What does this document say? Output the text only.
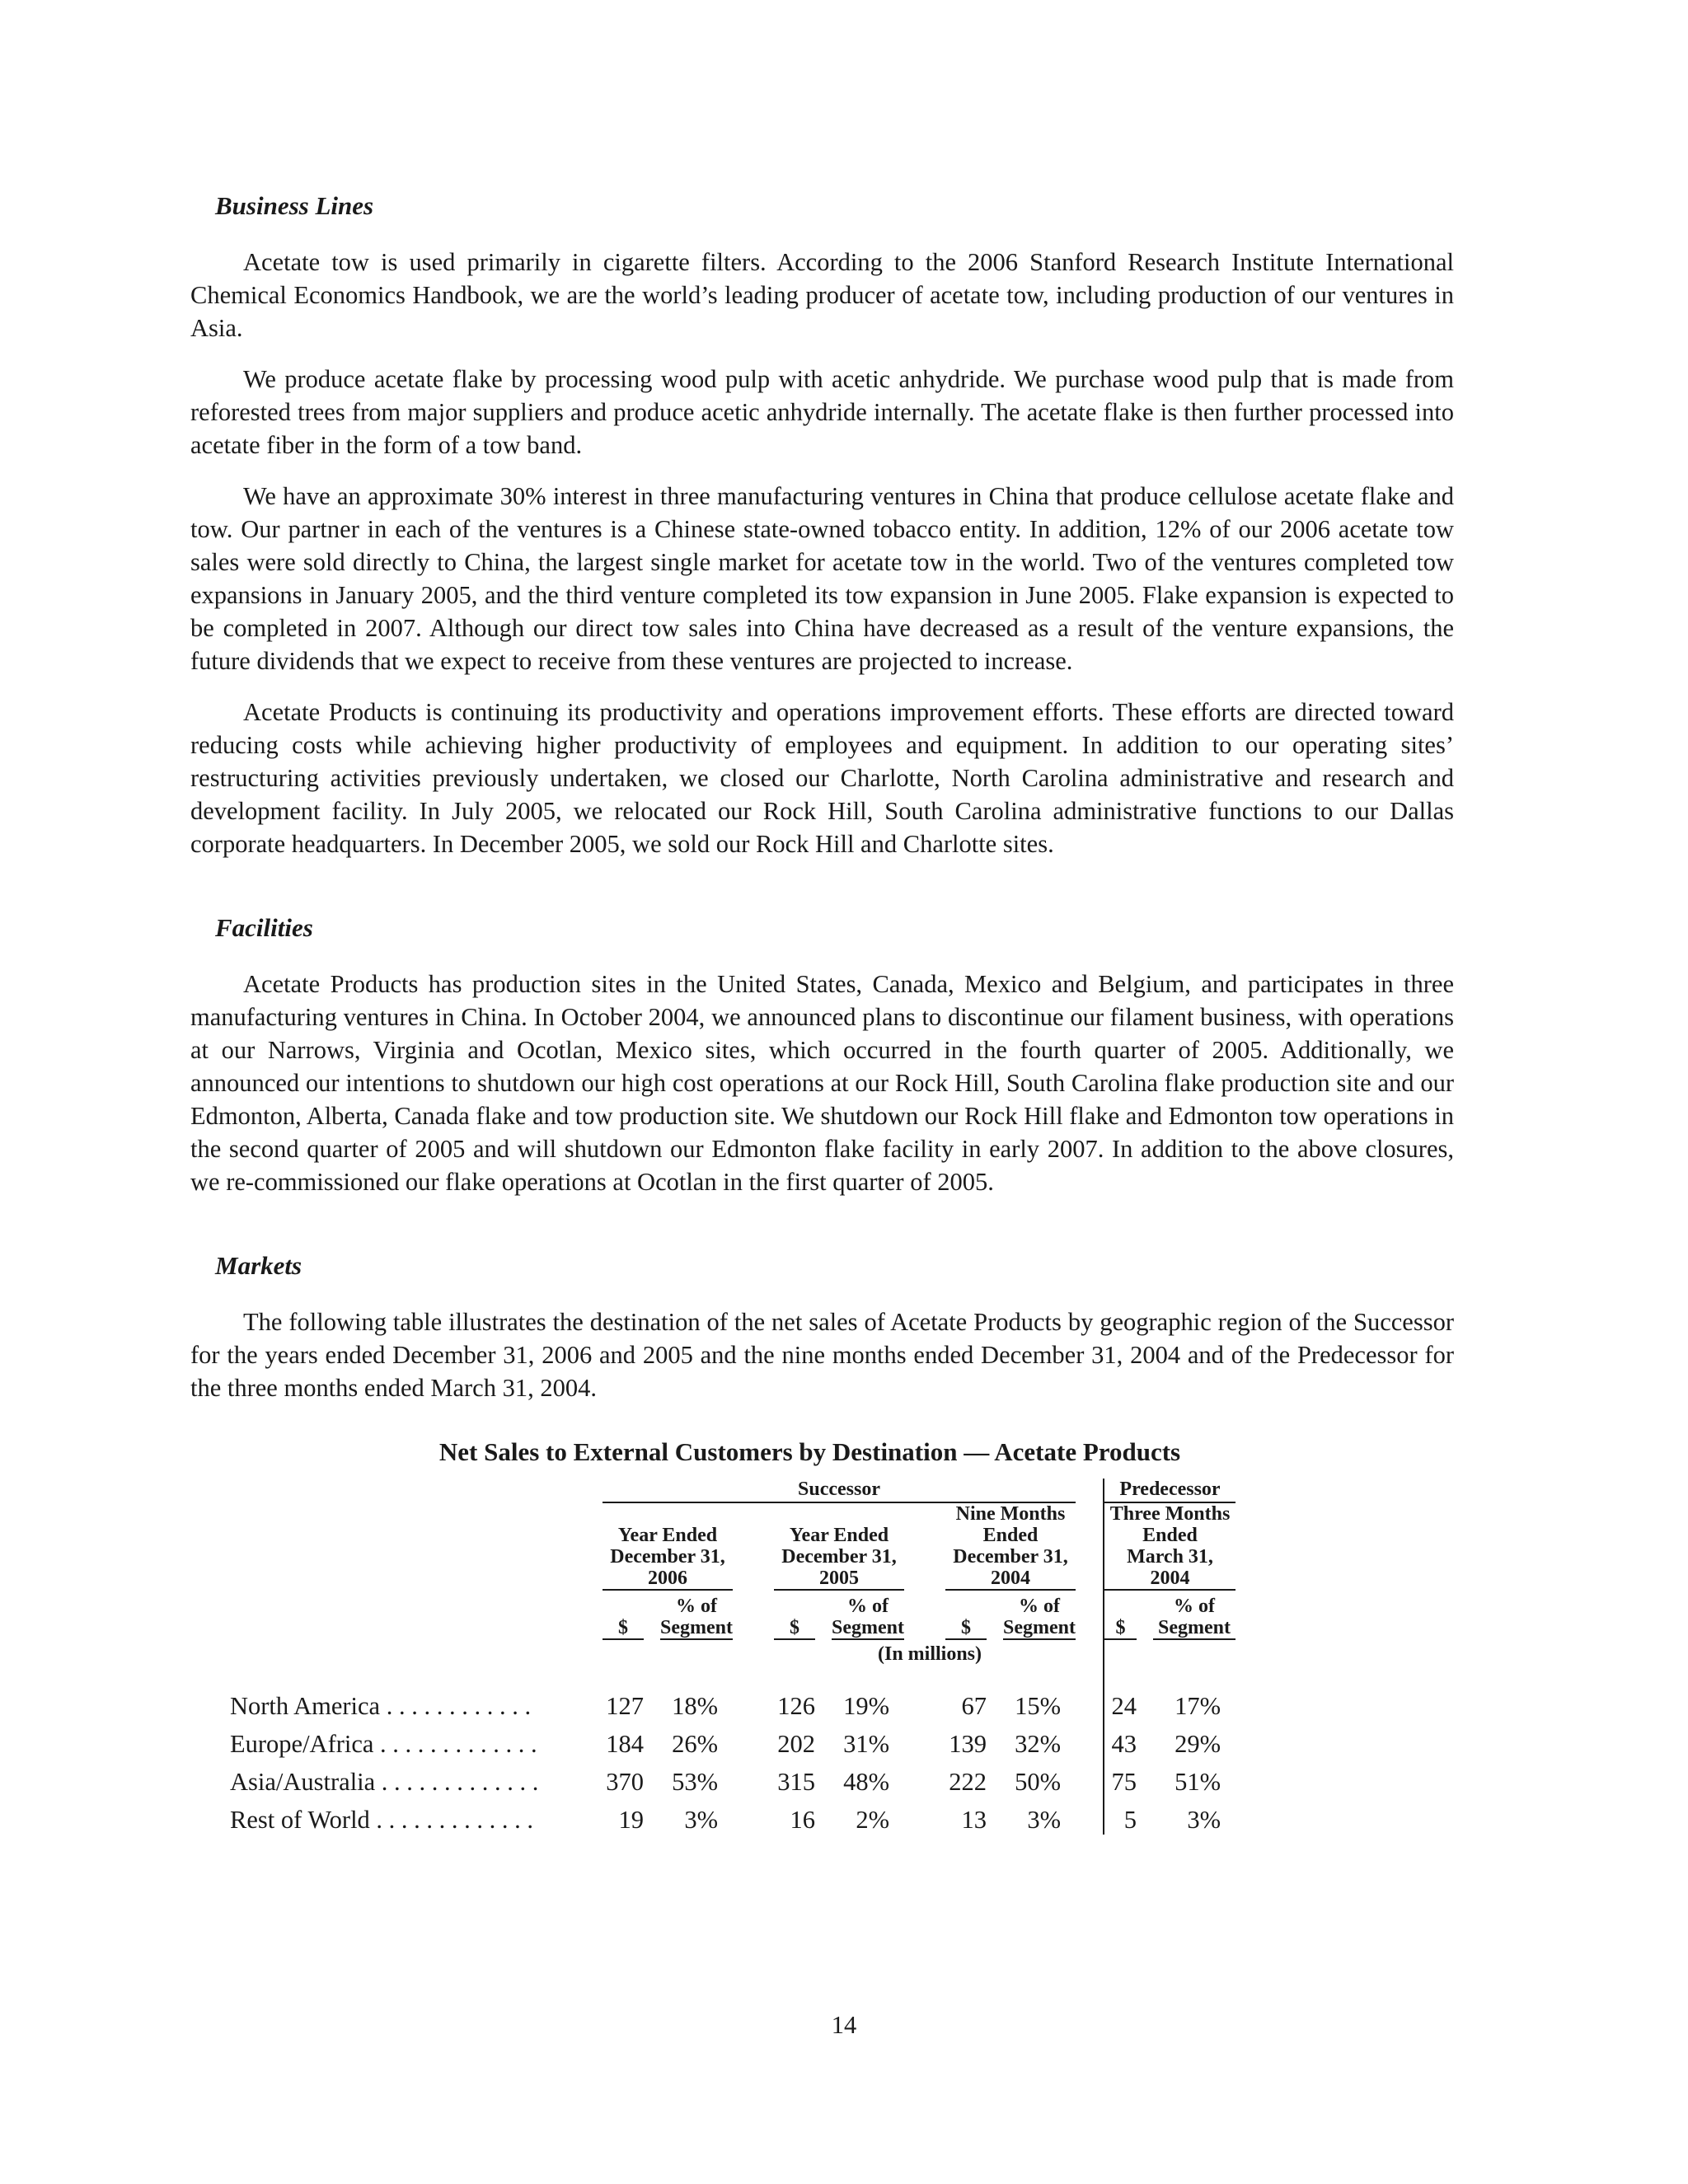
Business Lines

Acetate tow is used primarily in cigarette filters. According to the 2006 Stanford Research Institute International Chemical Economics Handbook, we are the world’s leading producer of acetate tow, including production of our ventures in Asia.

We produce acetate flake by processing wood pulp with acetic anhydride. We purchase wood pulp that is made from reforested trees from major suppliers and produce acetic anhydride internally. The acetate flake is then further processed into acetate fiber in the form of a tow band.

We have an approximate 30% interest in three manufacturing ventures in China that produce cellulose acetate flake and tow. Our partner in each of the ventures is a Chinese state-owned tobacco entity. In addition, 12% of our 2006 acetate tow sales were sold directly to China, the largest single market for acetate tow in the world. Two of the ventures completed tow expansions in January 2005, and the third venture completed its tow expansion in June 2005. Flake expansion is expected to be completed in 2007. Although our direct tow sales into China have decreased as a result of the venture expansions, the future dividends that we expect to receive from these ventures are projected to increase.

Acetate Products is continuing its productivity and operations improvement efforts. These efforts are directed toward reducing costs while achieving higher productivity of employees and equipment. In addition to our operating sites’ restructuring activities previously undertaken, we closed our Charlotte, North Carolina administrative and research and development facility. In July 2005, we relocated our Rock Hill, South Carolina administrative functions to our Dallas corporate headquarters. In December 2005, we sold our Rock Hill and Charlotte sites.

Facilities

Acetate Products has production sites in the United States, Canada, Mexico and Belgium, and participates in three manufacturing ventures in China. In October 2004, we announced plans to discontinue our filament business, with operations at our Narrows, Virginia and Ocotlan, Mexico sites, which occurred in the fourth quarter of 2005. Additionally, we announced our intentions to shutdown our high cost operations at our Rock Hill, South Carolina flake production site and our Edmonton, Alberta, Canada flake and tow production site. We shutdown our Rock Hill flake and Edmonton tow operations in the second quarter of 2005 and will shutdown our Edmonton flake facility in early 2007. In addition to the above closures, we re-commissioned our flake operations at Ocotlan in the first quarter of 2005.

Markets

The following table illustrates the destination of the net sales of Acetate Products by geographic region of the Successor for the years ended December 31, 2006 and 2005 and the nine months ended December 31, 2004 and of the Predecessor for the three months ended March 31, 2004.

Net Sales to External Customers by Destination — Acetate Products
	Successor		Predecessor
					Nine Months		Three Months
	Year Ended		Year Ended		Ended		Ended
	December 31,		December 31,		December 31,		March 31,
	2006		2005		2004		2004
			% of				% of				% of				% of
	$		Segment		$		Segment		$		Segment		$		Segment
	(In millions)		
North America . . . . . . . . . . . .	127		18%		126		19%		67		15%		24		17%
Europe/Africa . . . . . . . . . . . . .	184		26%		202		31%		139		32%		43		29%
Asia/Australia . . . . . . . . . . . . .	370		53%		315		48%		222		50%		75		51%
Rest of World . . . . . . . . . . . . .	19		3%		16		2%		13		3%		5		3%
14
